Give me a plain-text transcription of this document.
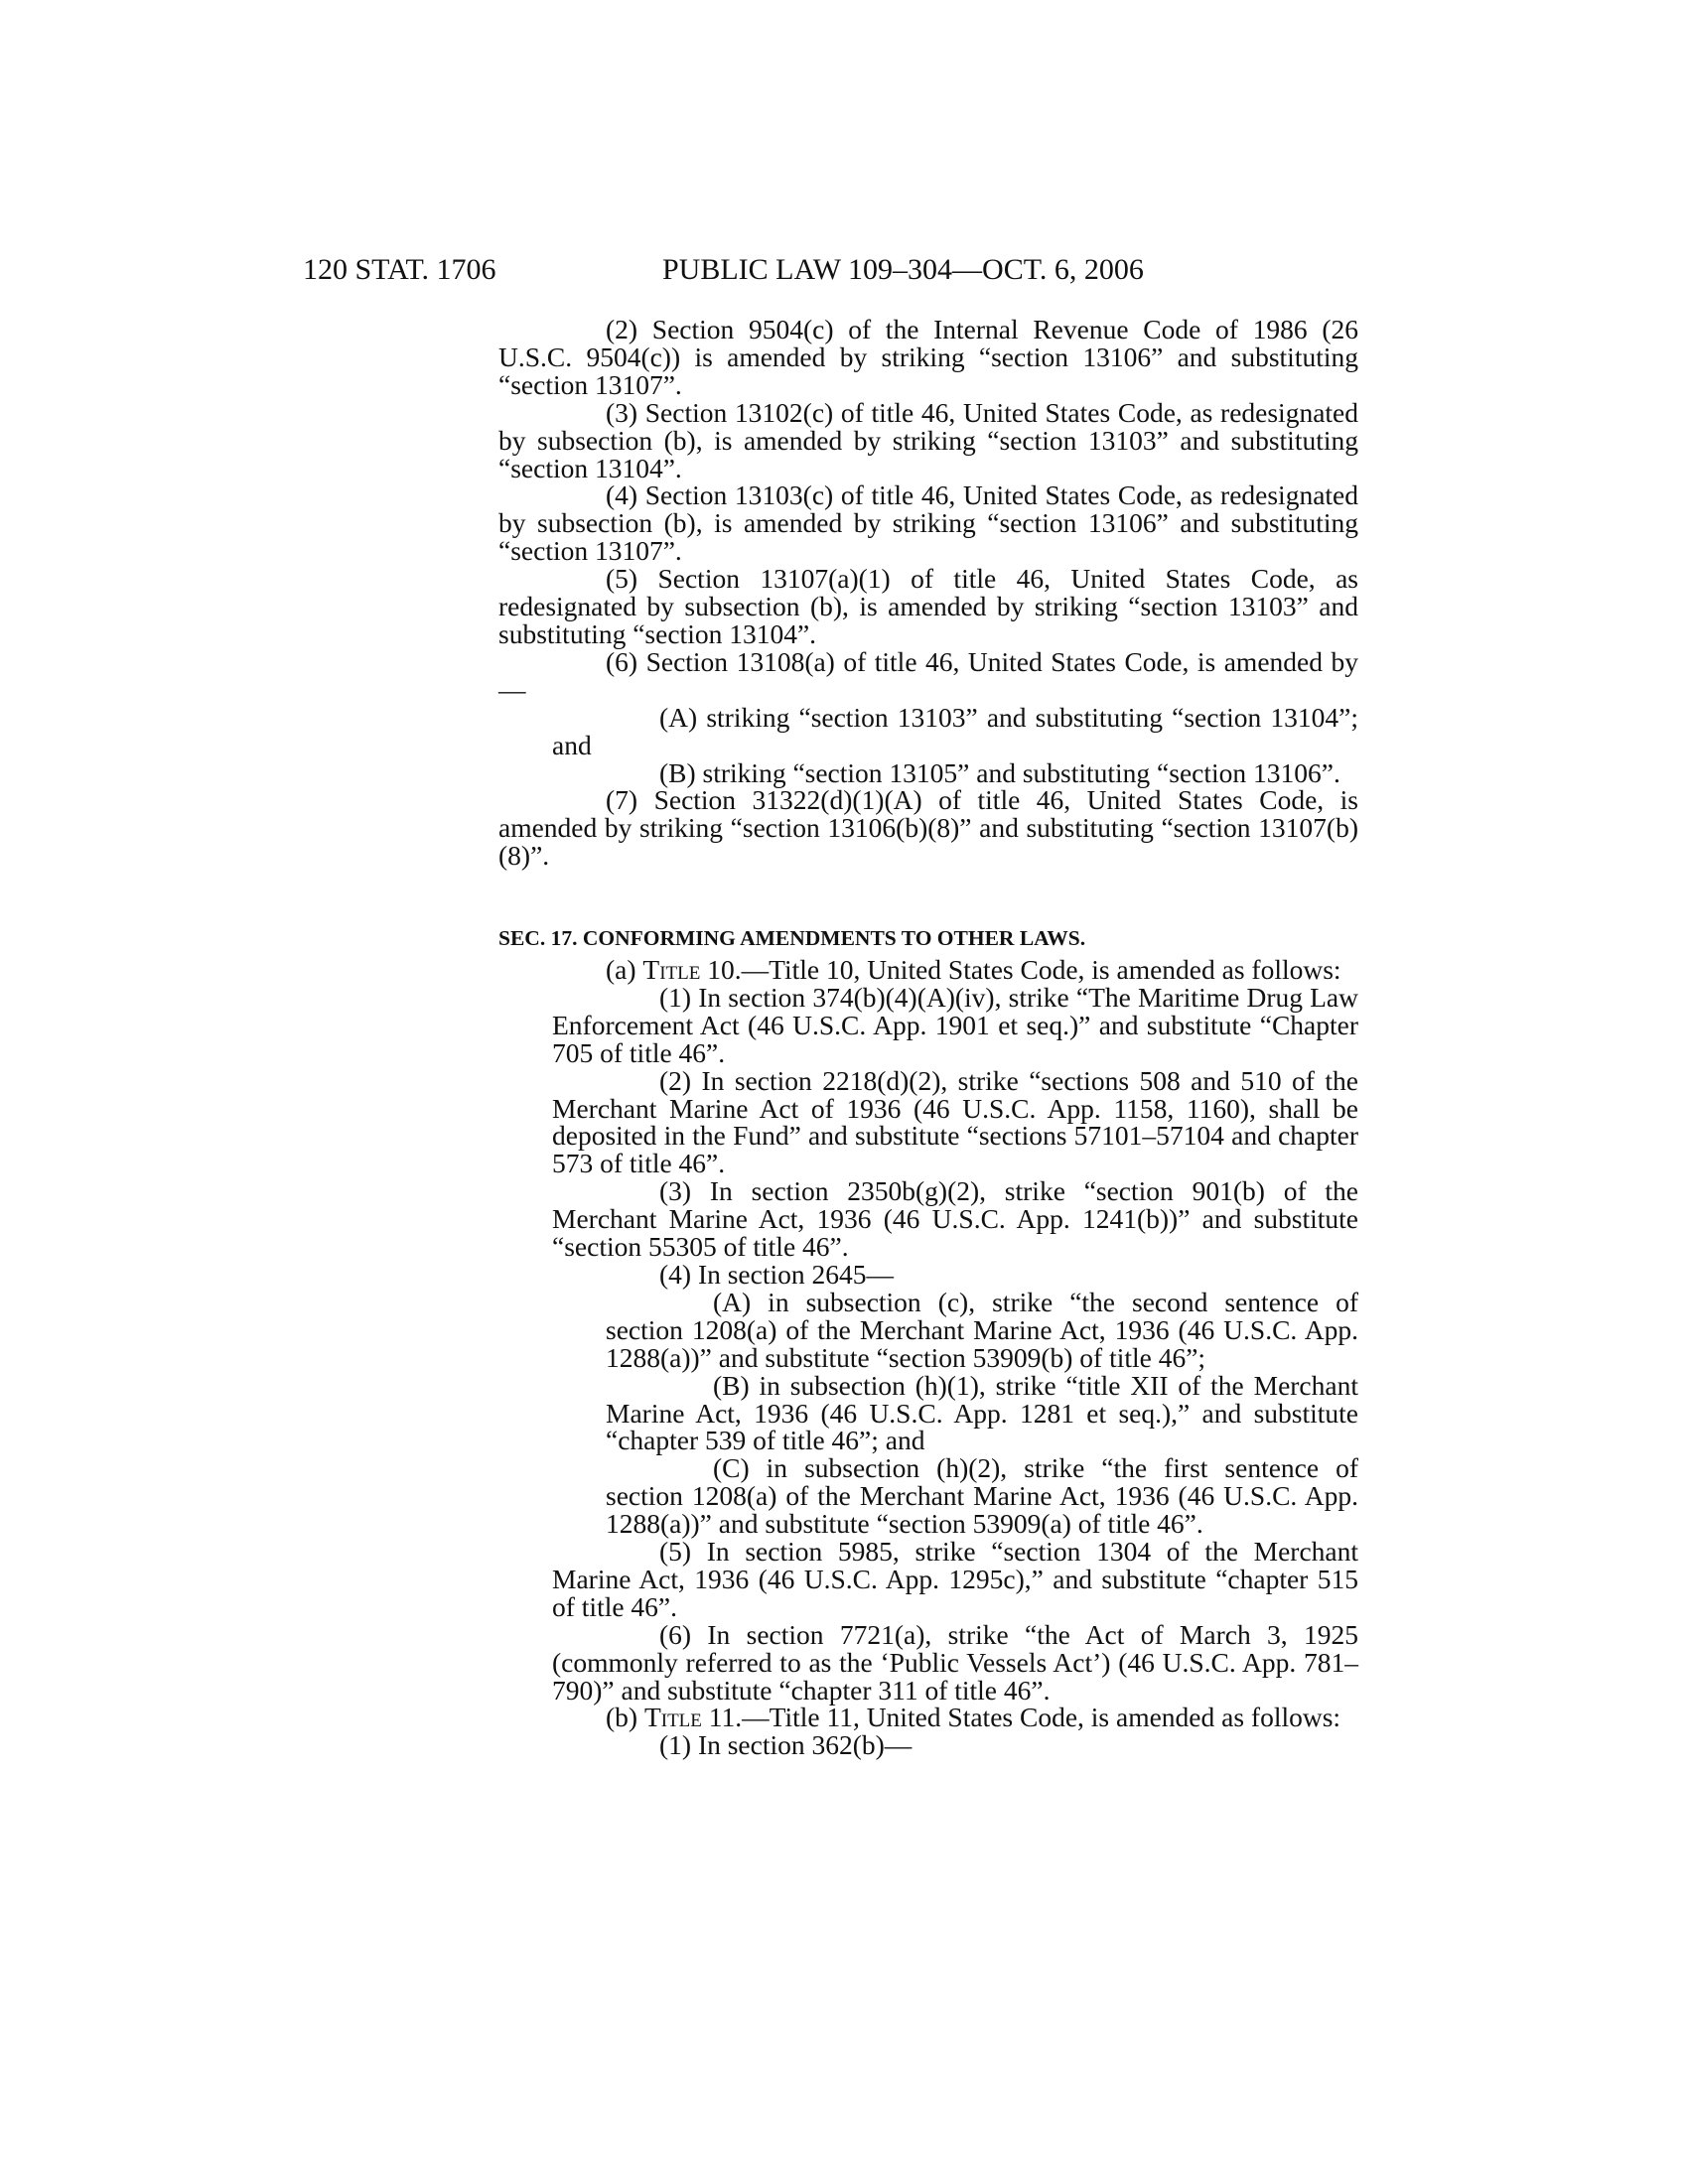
120 STAT. 1706	PUBLIC LAW 109–304—OCT. 6, 2006

(2) Section 9504(c) of the Internal Revenue Code of 1986 (26 U.S.C. 9504(c)) is amended by striking “section 13106” and substituting “section 13107”.

(3) Section 13102(c) of title 46, United States Code, as redesignated by subsection (b), is amended by striking “section 13103” and substituting “section 13104”.

(4) Section 13103(c) of title 46, United States Code, as redesignated by subsection (b), is amended by striking “section 13106” and substituting “section 13107”.

(5) Section 13107(a)(1) of title 46, United States Code, as redesignated by subsection (b), is amended by striking “section 13103” and substituting “section 13104”.

(6) Section 13108(a) of title 46, United States Code, is amended by—

(A) striking “section 13103” and substituting “section 13104”; and

(B) striking “section 13105” and substituting “section 13106”.

(7) Section 31322(d)(1)(A) of title 46, United States Code, is amended by striking “section 13106(b)(8)” and substituting “section 13107(b)(8)”.

SEC. 17. CONFORMING AMENDMENTS TO OTHER LAWS.

(a) Title 10.—Title 10, United States Code, is amended as follows:

(1) In section 374(b)(4)(A)(iv), strike “The Maritime Drug Law Enforcement Act (46 U.S.C. App. 1901 et seq.)” and substitute “Chapter 705 of title 46”.

(2) In section 2218(d)(2), strike “sections 508 and 510 of the Merchant Marine Act of 1936 (46 U.S.C. App. 1158, 1160), shall be deposited in the Fund” and substitute “sections 57101–57104 and chapter 573 of title 46”.

(3) In section 2350b(g)(2), strike “section 901(b) of the Merchant Marine Act, 1936 (46 U.S.C. App. 1241(b))” and substitute “section 55305 of title 46”.

(4) In section 2645—

(A) in subsection (c), strike “the second sentence of section 1208(a) of the Merchant Marine Act, 1936 (46 U.S.C. App. 1288(a))” and substitute “section 53909(b) of title 46”;

(B) in subsection (h)(1), strike “title XII of the Merchant Marine Act, 1936 (46 U.S.C. App. 1281 et seq.),” and substitute “chapter 539 of title 46”; and

(C) in subsection (h)(2), strike “the first sentence of section 1208(a) of the Merchant Marine Act, 1936 (46 U.S.C. App. 1288(a))” and substitute “section 53909(a) of title 46”.

(5) In section 5985, strike “section 1304 of the Merchant Marine Act, 1936 (46 U.S.C. App. 1295c),” and substitute “chapter 515 of title 46”.

(6) In section 7721(a), strike “the Act of March 3, 1925 (commonly referred to as the ‘Public Vessels Act’) (46 U.S.C. App. 781–790)” and substitute “chapter 311 of title 46”.

(b) Title 11.—Title 11, United States Code, is amended as follows:

(1) In section 362(b)—
